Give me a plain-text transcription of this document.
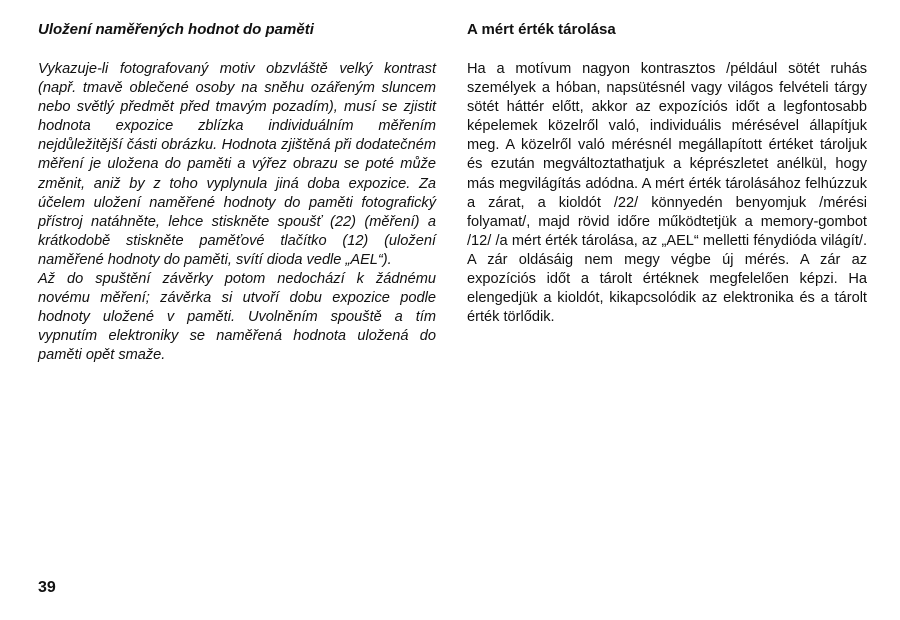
Uložení naměřených hodnot do paměti

Vykazuje-li fotografovaný motiv obzvláště velký kontrast (např. tmavě oblečené osoby na sněhu ozářeným sluncem nebo světlý předmět před tmavým pozadím), musí se zjistit hodnota expozice zblízka individuálním měřením nejdůležitější části obrázku. Hodnota zjištěná při dodatečném měření je uložena do paměti a výřez obrazu se poté může změnit, aniž by z toho vyplynula jiná doba expozice. Za účelem uložení naměřené hodnoty do paměti fotografický přístroj natáhněte, lehce stiskněte spoušť (22) (měření) a krátkodobě stiskněte paměťové tlačítko (12) (uložení naměřené hodnoty do paměti, svítí dioda vedle „AEL“).

Až do spuštění závěrky potom nedochází k žádnému novému měření; závěrka si utvoří dobu expozice podle hodnoty uložené v paměti. Uvolněním spouště a tím vypnutím elektroniky se naměřená hodnota uložená do paměti opět smaže.

A mért érték tárolása

Ha a motívum nagyon kontrasztos /például sötét ruhás személyek a hóban, napsütésnél vagy világos felvételi tárgy sötét háttér előtt, akkor az expozíciós időt a legfontosabb képelemek közelről való, individuális mérésével állapítjuk meg. A közelről való mérésnél megállapított értéket tároljuk és ezután megváltoztathatjuk a képrészletet anélkül, hogy más megvilágítás adódna. A mért érték tárolásához felhúzzuk a zárat, a kioldót /22/ könnyedén benyomjuk /mérési folyamat/, majd rövid időre működtetjük a memory-gombot /12/ /a mért érték tárolása, az „AEL“ melletti fénydióda világít/. A zár oldásáig nem megy végbe új mérés. A zár az expozíciós időt a tárolt értéknek megfelelően képzi. Ha elengedjük a kioldót, kikapcsolódik az elektronika és a tárolt érték törlődik.

39
